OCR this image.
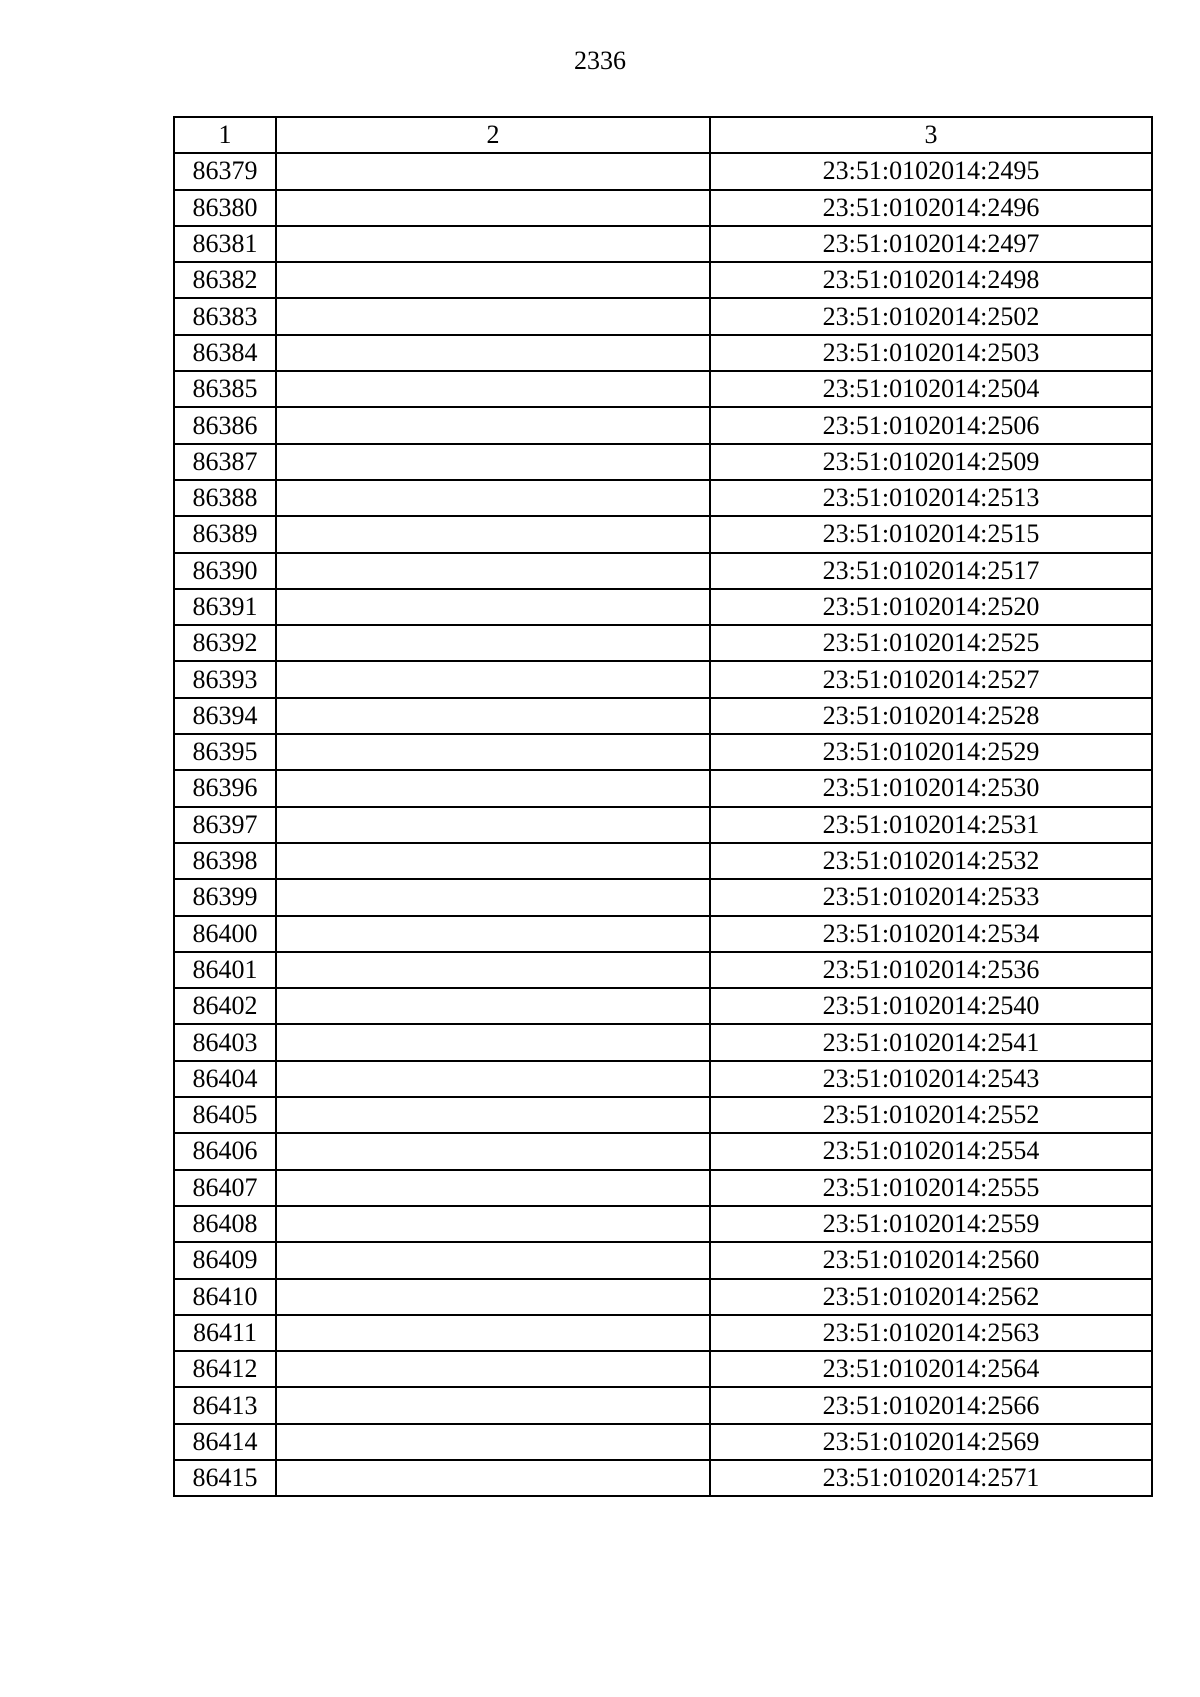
2336
1	2	3
86379		23:51:0102014:2495
86380		23:51:0102014:2496
86381		23:51:0102014:2497
86382		23:51:0102014:2498
86383		23:51:0102014:2502
86384		23:51:0102014:2503
86385		23:51:0102014:2504
86386		23:51:0102014:2506
86387		23:51:0102014:2509
86388		23:51:0102014:2513
86389		23:51:0102014:2515
86390		23:51:0102014:2517
86391		23:51:0102014:2520
86392		23:51:0102014:2525
86393		23:51:0102014:2527
86394		23:51:0102014:2528
86395		23:51:0102014:2529
86396		23:51:0102014:2530
86397		23:51:0102014:2531
86398		23:51:0102014:2532
86399		23:51:0102014:2533
86400		23:51:0102014:2534
86401		23:51:0102014:2536
86402		23:51:0102014:2540
86403		23:51:0102014:2541
86404		23:51:0102014:2543
86405		23:51:0102014:2552
86406		23:51:0102014:2554
86407		23:51:0102014:2555
86408		23:51:0102014:2559
86409		23:51:0102014:2560
86410		23:51:0102014:2562
86411		23:51:0102014:2563
86412		23:51:0102014:2564
86413		23:51:0102014:2566
86414		23:51:0102014:2569
86415		23:51:0102014:2571
